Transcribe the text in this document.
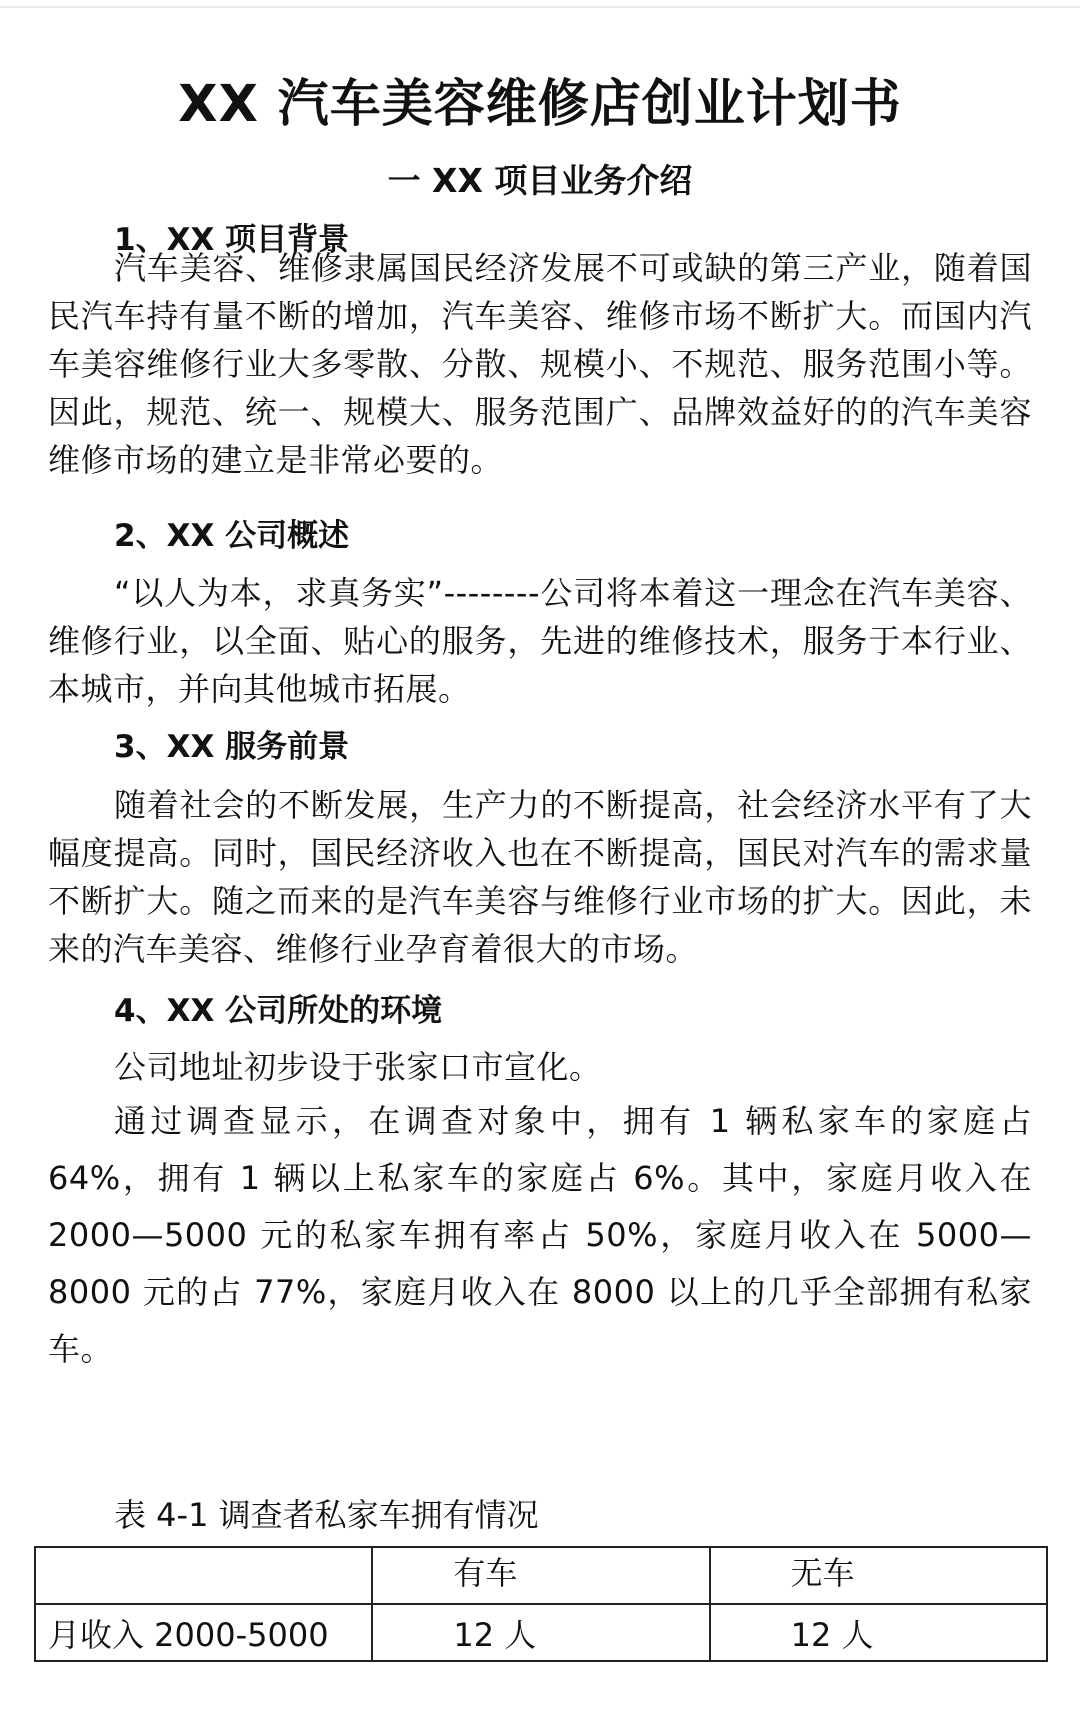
XX 汽车美容维修店创业计划书
一 XX 项目业务介绍
1、XX 项目背景

汽车美容、维修隶属国民经济发展不可或缺的第三产业，随着国民汽车持有量不断的增加，汽车美容、维修市场不断扩大。而国内汽车美容维修行业大多零散、分散、规模小、不规范、服务范围小等。因此，规范、统一、规模大、服务范围广、品牌效益好的的汽车美容维修市场的建立是非常必要的。

2、XX 公司概述

“以人为本，求真务实”--------公司将本着这一理念在汽车美容、维修行业，以全面、贴心的服务，先进的维修技术，服务于本行业、本城市，并向其他城市拓展。

3、XX 服务前景

随着社会的不断发展，生产力的不断提高，社会经济水平有了大幅度提高。同时，国民经济收入也在不断提高，国民对汽车的需求量不断扩大。随之而来的是汽车美容与维修行业市场的扩大。因此，未来的汽车美容、维修行业孕育着很大的市场。

4、XX 公司所处的环境

公司地址初步设于张家口市宣化。

通过调查显示，在调查对象中，拥有 1 辆私家车的家庭占 64%，拥有 1 辆以上私家车的家庭占 6%。其中，家庭月收入在 2000—5000 元的私家车拥有率占 50%，家庭月收入在 5000—8000 元的占 77%，家庭月收入在 8000 以上的几乎全部拥有私家车。

表 4-1 调查者私家车拥有情况

	有车	无车
月收入 2000-5000	12 人	12 人
